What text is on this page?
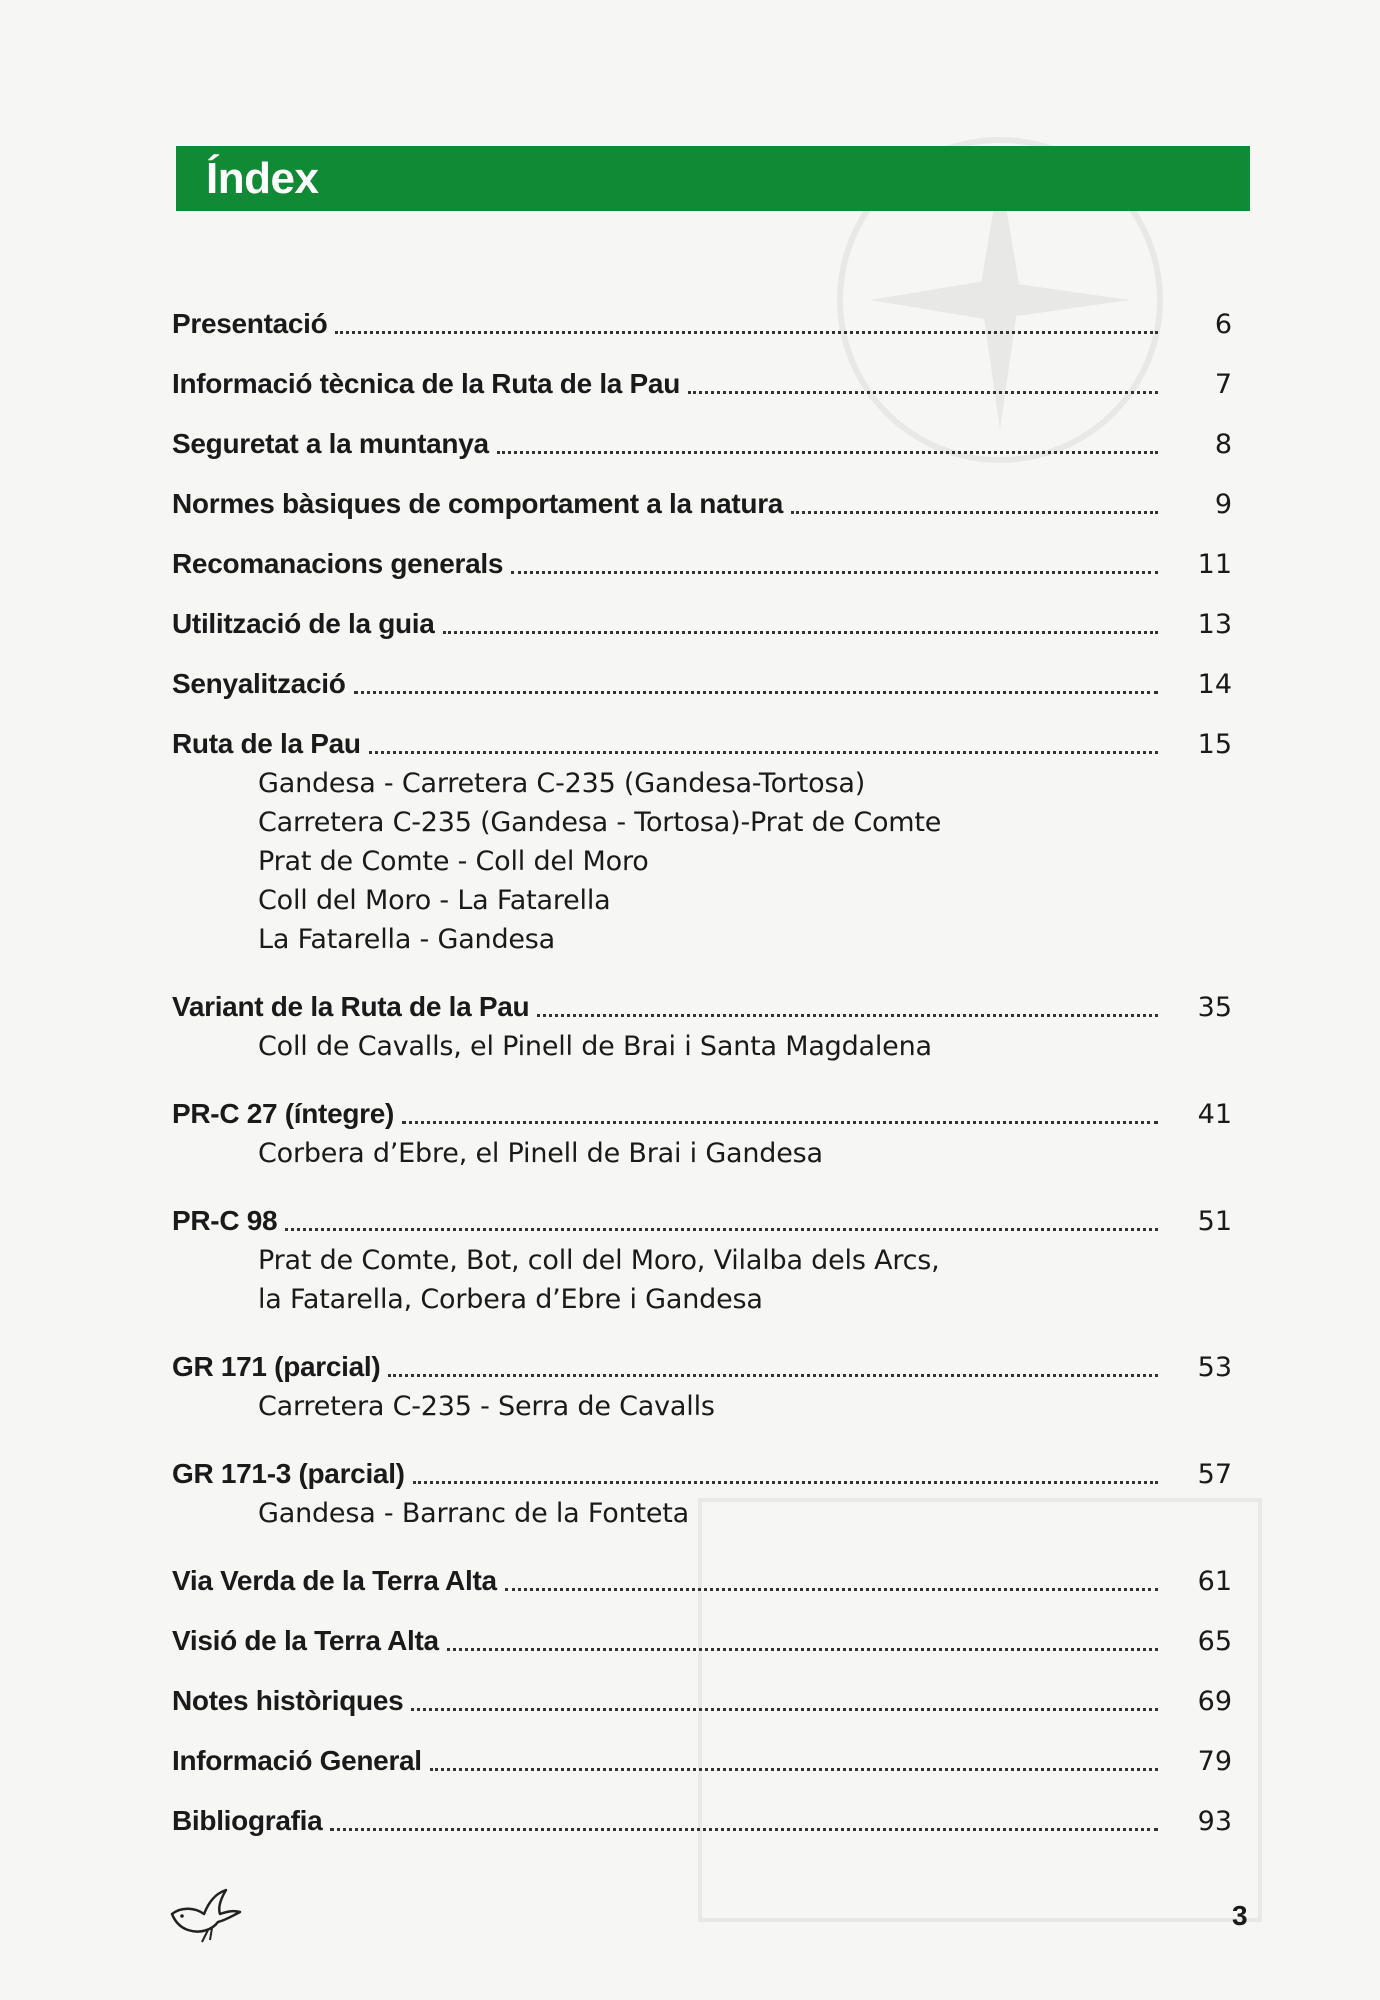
Índex
Presentació	6
Informació tècnica de la Ruta de la Pau	7
Seguretat a la muntanya	8
Normes bàsiques de comportament a la natura	9
Recomanacions generals	11
Utilització de la guia	13
Senyalització	14
Ruta de la Pau	15
Gandesa - Carretera C-235 (Gandesa-Tortosa)
Carretera C-235 (Gandesa - Tortosa)-Prat de Comte
Prat de Comte - Coll del Moro
Coll del Moro - La Fatarella
La Fatarella - Gandesa
Variant de la Ruta de la Pau	35
Coll de Cavalls, el Pinell de Brai i Santa Magdalena
PR-C 27 (íntegre)	41
Corbera d’Ebre, el Pinell de Brai i Gandesa
PR-C 98	51
Prat de Comte, Bot, coll del Moro, Vilalba dels Arcs,
la Fatarella, Corbera d’Ebre i Gandesa
GR 171 (parcial)	53
Carretera C-235 - Serra de Cavalls
GR 171-3 (parcial)	57
Gandesa - Barranc de la Fonteta
Via Verda de la Terra Alta	61
Visió de la Terra Alta	65
Notes històriques	69
Informació General	79
Bibliografia	93
3
